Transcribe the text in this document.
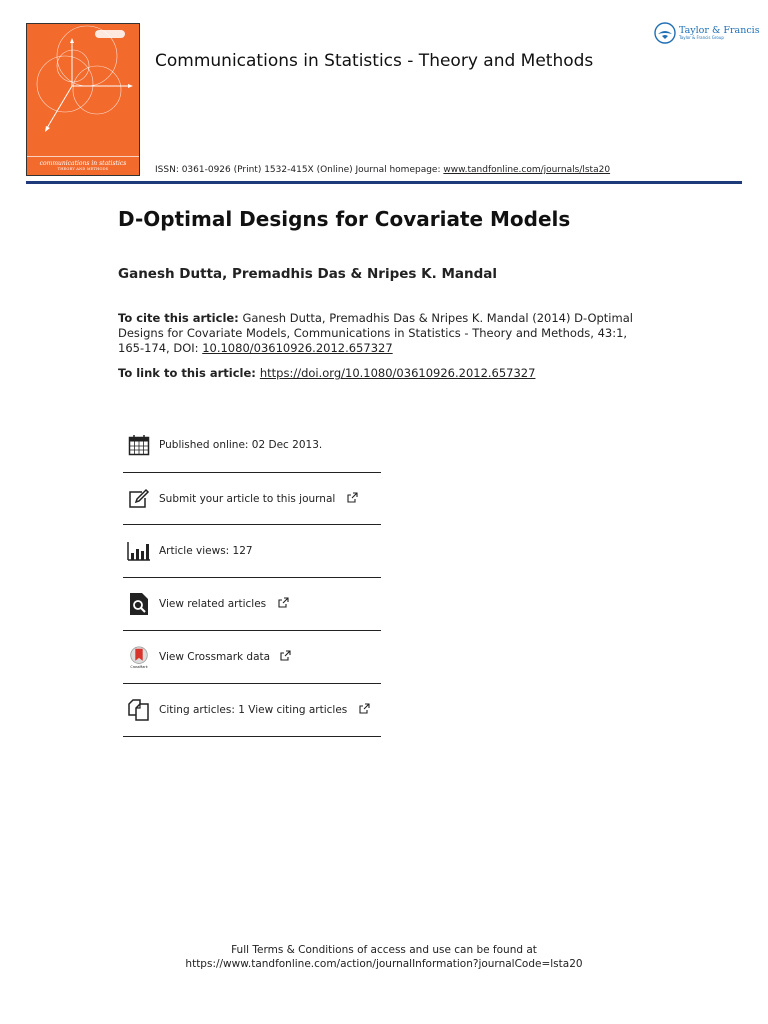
communications in statistics
THEORY AND METHODS
Communications in Statistics - Theory and Methods
ISSN: 0361-0926 (Print) 1532-415X (Online) Journal homepage: www.tandfonline.com/journals/lsta20
Taylor & Francis
Taylor & Francis Group
D-Optimal Designs for Covariate Models
Ganesh Dutta, Premadhis Das & Nripes K. Mandal
To cite this article: Ganesh Dutta, Premadhis Das & Nripes K. Mandal (2014) D-Optimal Designs for Covariate Models, Communications in Statistics - Theory and Methods, 43:1, 165-174, DOI: 10.1080/03610926.2012.657327
To link to this article: https://doi.org/10.1080/03610926.2012.657327
Published online: 02 Dec 2013.
Submit your article to this journal
Article views: 127
View related articles
CrossMark
View Crossmark data
Citing articles: 1 View citing articles
Full Terms & Conditions of access and use can be found at
https://www.tandfonline.com/action/journalInformation?journalCode=lsta20
